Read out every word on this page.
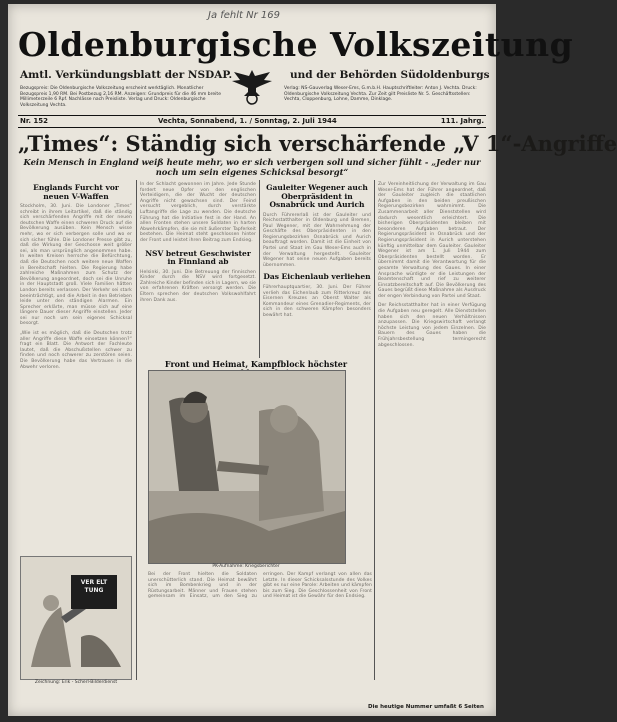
Ja fehlt Nr 169
Oldenburgische Volkszeitung
Amtl. Verkündungsblatt der NSDAP.	und der Behörden Südoldenburgs
Bezugspreis: Die Oldenburgische Volkszeitung erscheint werktäglich. Monatlicher Bezugspreis 1,90 RM. Bei Postbezug 2,16 RM. Anzeigen: Grundpreis für die 46 mm breite Millimeterzeile 6 Rpf. Nachlässe nach Preisliste. Verlag und Druck: Oldenburgische Volkszeitung Vechta.
Verlag: NS-Gauverlag Weser-Ems, G.m.b.H. Hauptschriftleiter: Anton J. Vechta. Druck: Oldenburgische Volkszeitung Vechta. Zur Zeit gilt Preisliste Nr. 5. Geschäftsstellen: Vechta, Cloppenburg, Lohne, Damme, Dinklage.
Nr. 152	Vechta, Sonnabend, 1. / Sonntag, 2. Juli 1944	111. Jahrg.
„Times“: Ständig sich verschärfende „V 1“-Angriffe
Kein Mensch in England weiß heute mehr, wo er sich verbergen soll und sicher fühlt - „Jeder nur noch um sein eigenes Schicksal besorgt“
Englands Furcht vor neuen V-Waffen
Stockholm, 30. Juni. Die Londoner „Times“ schreibt in ihrem Leitartikel, daß die ständig sich verschärfenden Angriffe mit der neuen deutschen Waffe einen schweren Druck auf die Bevölkerung ausüben. Kein Mensch wisse mehr, wo er sich verbergen solle und wo er sich sicher fühle. Die Londoner Presse gibt zu, daß die Wirkung der Geschosse weit größer sei, als man ursprünglich angenommen habe. In weiten Kreisen herrsche die Befürchtung, daß die Deutschen noch weitere neue Waffen in Bereitschaft hielten. Die Regierung habe zahlreiche Maßnahmen zum Schutz der Bevölkerung angeordnet, doch sei die Unruhe in der Hauptstadt groß. Viele Familien hätten London bereits verlassen. Der Verkehr sei stark beeinträchtigt, und die Arbeit in den Betrieben leide unter den ständigen Alarmen. Ein Sprecher erklärte, man müsse sich auf eine längere Dauer dieser Angriffe einstellen. Jeder sei nur noch um sein eigenes Schicksal besorgt.
„Wie ist es möglich, daß die Deutschen trotz aller Angriffe diese Waffe einsetzen können?“ fragt ein Blatt. Die Antwort der Fachleute lautet, daß die Abschußstellen schwer zu finden und noch schwerer zu zerstören seien. Die Bevölkerung habe das Vertrauen in die Abwehr verloren.
In der Schlacht gewonnen im Jahre. Jede Stunde fordert neue Opfer von den englischen Verteidigern, die der Wucht der deutschen Angriffe nicht gewachsen sind. Der Feind versucht vergeblich, durch verstärkte Luftangriffe die Lage zu wenden. Die deutsche Führung hat die Initiative fest in der Hand. An allen Fronten stehen unsere Soldaten in harten Abwehrkämpfen, die sie mit äußerster Tapferkeit bestehen. Die Heimat steht geschlossen hinter der Front und leistet ihren Beitrag zum Endsieg.
NSV betreut Geschwister in Finnland ab
Helsinki, 30. Juni. Die Betreuung der finnischen Kinder durch die NSV wird fortgesetzt. Zahlreiche Kinder befinden sich in Lagern, wo sie von erfahrenen Kräften versorgt werden. Die Eltern sprechen der deutschen Volkswohlfahrt ihren Dank aus.
Gauleiter Wegener auch Oberpräsident in Osnabrück und Aurich
Durch Führererlaß ist der Gauleiter und Reichsstatthalter in Oldenburg und Bremen, Paul Wegener, mit der Wahrnehmung der Geschäfte des Oberpräsidenten in den Regierungsbezirken Osnabrück und Aurich beauftragt worden. Damit ist die Einheit von Partei und Staat im Gau Weser-Ems auch in der Verwaltung hergestellt. Gauleiter Wegener hat seine neuen Aufgaben bereits übernommen.
Das Eichenlaub verliehen
Führerhauptquartier, 30. Juni. Der Führer verlieh das Eichenlaub zum Ritterkreuz des Eisernen Kreuzes an Oberst Walter als Kommandeur eines Grenadier-Regiments, der sich in den schweren Kämpfen besonders bewährt hat.
Zur Vereinheitlichung der Verwaltung im Gau Weser-Ems hat der Führer angeordnet, daß der Gauleiter zugleich die staatlichen Aufgaben in den beiden preußischen Regierungsbezirken wahrnimmt. Die Zusammenarbeit aller Dienststellen wird dadurch wesentlich erleichtert. Die bisherigen Oberpräsidenten bleiben mit besonderen Aufgaben betraut. Der Regierungspräsident in Osnabrück und der Regierungspräsident in Aurich unterstehen künftig unmittelbar dem Gauleiter. Gauleiter Wegener ist am 1. Juli 1944 zum Oberpräsidenten bestellt worden. Er übernimmt damit die Verantwortung für die gesamte Verwaltung des Gaues. In einer Ansprache würdigte er die Leistungen der Beamtenschaft und rief zu weiterer Einsatzbereitschaft auf. Die Bevölkerung des Gaues begrüßt diese Maßnahme als Ausdruck der engen Verbindung von Partei und Staat.
Der Reichsstatthalter hat in einer Verfügung die Aufgaben neu geregelt. Alle Dienststellen haben sich den neuen Verhältnissen anzupassen. Die Kriegswirtschaft verlangt höchste Leistung von jedem Einzelnen. Die Bauern des Gaues haben die Frühjahrsbestellung termingerecht abgeschlossen.
Front und Heimat, Kampfblock höchster
PK-Aufnahme: Kriegsberichter
Bei der Front hielten die Soldaten unerschütterlich stand. Die Heimat bewährt sich im Bombenkrieg und in der Rüstungsarbeit. Männer und Frauen stehen gemeinsam im Einsatz, um den Sieg zu erringen. Der Kampf verlangt von allen das Letzte. In dieser Schicksalsstunde des Volkes gibt es nur eine Parole: Arbeiten und kämpfen bis zum Sieg. Die Geschlossenheit von Front und Heimat ist die Gewähr für den Endsieg.
VER ELT TUNG
Zeichnung: Erik - Scherl-Bilderdienst
Die heutige Nummer umfaßt 6 Seiten
